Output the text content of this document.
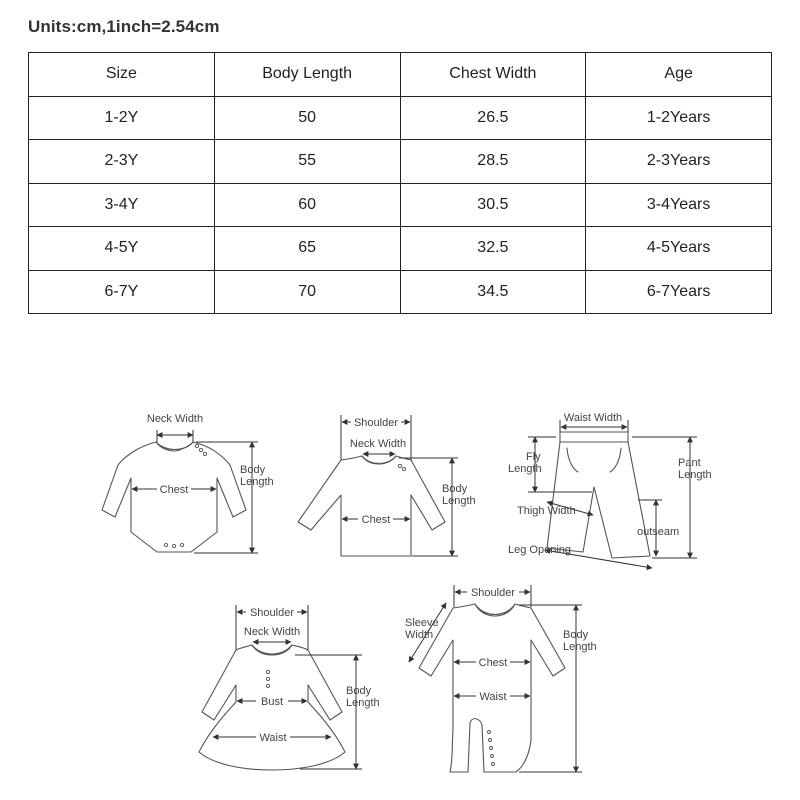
Units:cm,1inch=2.54cm
Size	Body Length	Chest Width	Age
1-2Y	50	26.5	1-2Years
2-3Y	55	28.5	2-3Years
3-4Y	60	30.5	3-4Years
4-5Y	65	32.5	4-5Years
6-7Y	70	34.5	6-7Years
Neck Width
Body
Length
Chest
Shoulder
Neck Width
Body
Length
Chest
Waist Width
Fly
Length	Pant
Length
Thigh Width
outseam
Leg Opening
Shoulder
Neck Width
Body
Length
Bust
Waist
Shoulder
Sleeve
Width	Body
Length
Chest
Waist
